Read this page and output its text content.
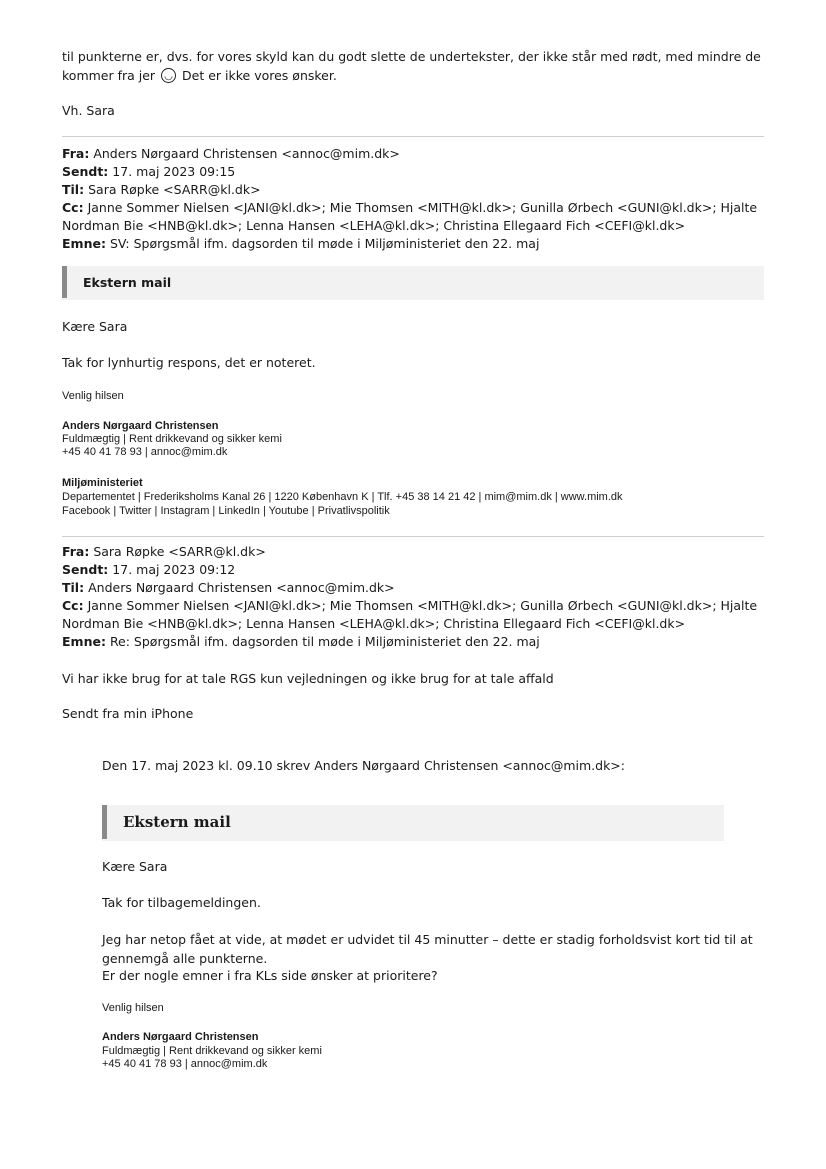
til punkterne er, dvs. for vores skyld kan du godt slette de undertekster, der ikke står med rødt, med mindre de
kommer fra jer ◡ Det er ikke vores ønsker.
Vh. Sara
Fra: Anders Nørgaard Christensen <annoc@mim.dk>
Sendt: 17. maj 2023 09:15
Til: Sara Røpke <SARR@kl.dk>
Cc: Janne Sommer Nielsen <JANI@kl.dk>; Mie Thomsen <MITH@kl.dk>; Gunilla Ørbech <GUNI@kl.dk>; Hjalte
Nordman Bie <HNB@kl.dk>; Lenna Hansen <LEHA@kl.dk>; Christina Ellegaard Fich <CEFI@kl.dk>
Emne: SV: Spørgsmål ifm. dagsorden til møde i Miljøministeriet den 22. maj
Ekstern mail
Kære Sara
Tak for lynhurtig respons, det er noteret.
Venlig hilsen
Anders Nørgaard Christensen
Fuldmægtig | Rent drikkevand og sikker kemi
+45 40 41 78 93 | annoc@mim.dk
Miljøministeriet
Departementet | Frederiksholms Kanal 26 | 1220 København K | Tlf. +45 38 14 21 42 | mim@mim.dk | www.mim.dk
Facebook | Twitter | Instagram | LinkedIn | Youtube | Privatlivspolitik
Fra: Sara Røpke <SARR@kl.dk>
Sendt: 17. maj 2023 09:12
Til: Anders Nørgaard Christensen <annoc@mim.dk>
Cc: Janne Sommer Nielsen <JANI@kl.dk>; Mie Thomsen <MITH@kl.dk>; Gunilla Ørbech <GUNI@kl.dk>; Hjalte
Nordman Bie <HNB@kl.dk>; Lenna Hansen <LEHA@kl.dk>; Christina Ellegaard Fich <CEFI@kl.dk>
Emne: Re: Spørgsmål ifm. dagsorden til møde i Miljøministeriet den 22. maj
Vi har ikke brug for at tale RGS kun vejledningen og ikke brug for at tale affald
Sendt fra min iPhone
Den 17. maj 2023 kl. 09.10 skrev Anders Nørgaard Christensen <annoc@mim.dk>:
Ekstern mail
Kære Sara
Tak for tilbagemeldingen.
Jeg har netop fået at vide, at mødet er udvidet til 45 minutter – dette er stadig forholdsvist kort tid til at
gennemgå alle punkterne.
Er der nogle emner i fra KLs side ønsker at prioritere?
Venlig hilsen
Anders Nørgaard Christensen
Fuldmægtig | Rent drikkevand og sikker kemi
+45 40 41 78 93 | annoc@mim.dk
